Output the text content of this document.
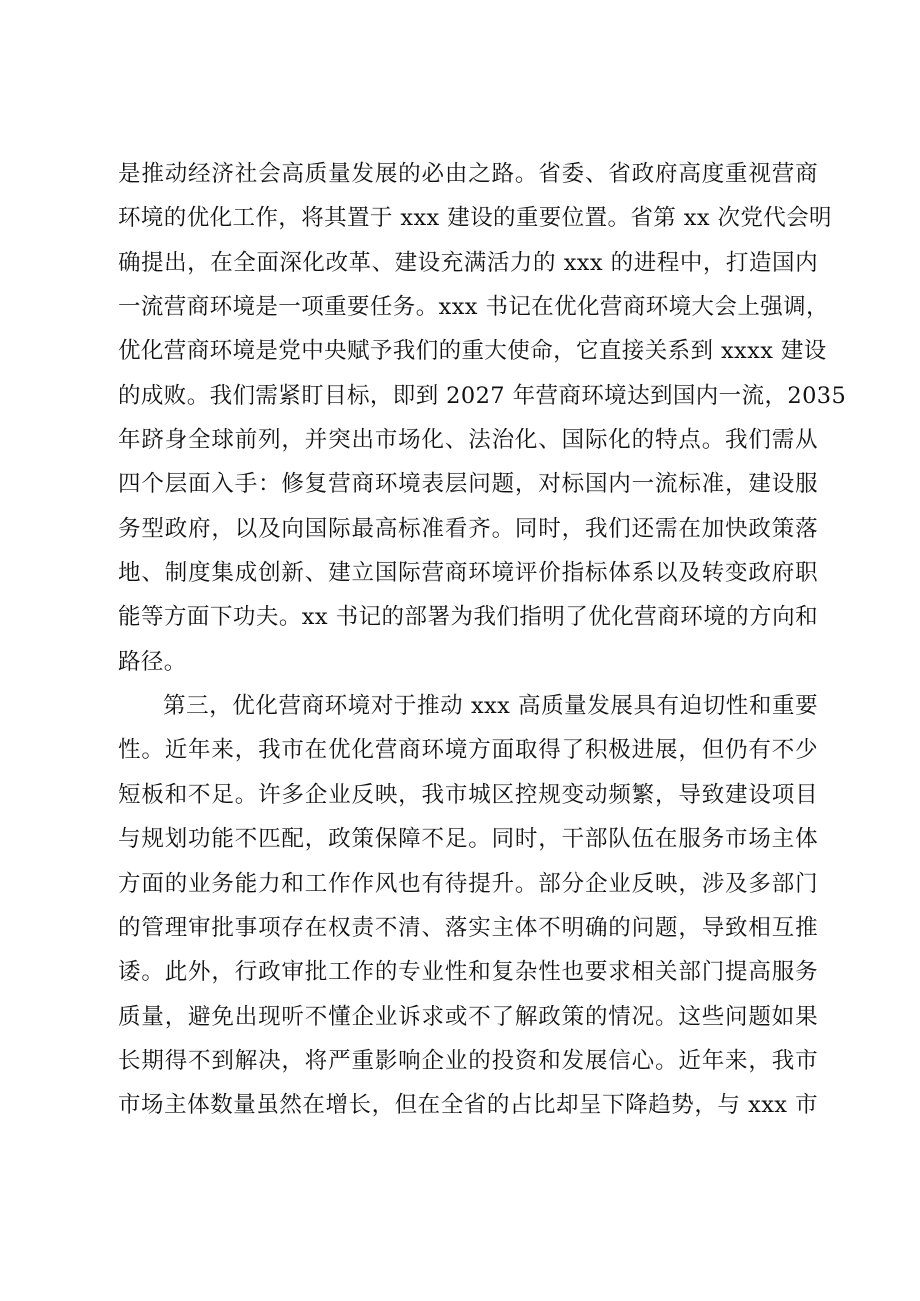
是推动经济社会高质量发展的必由之路。省委、省政府高度重视营商
环境的优化工作，将其置于 xxx 建设的重要位置。省第 xx 次党代会明
确提出，在全面深化改革、建设充满活力的 xxx 的进程中，打造国内
一流营商环境是一项重要任务。xxx 书记在优化营商环境大会上强调，
优化营商环境是党中央赋予我们的重大使命，它直接关系到 xxxx 建设
的成败。我们需紧盯目标，即到 2027 年营商环境达到国内一流，2035
年跻身全球前列，并突出市场化、法治化、国际化的特点。我们需从
四个层面入手：修复营商环境表层问题，对标国内一流标准，建设服
务型政府，以及向国际最高标准看齐。同时，我们还需在加快政策落
地、制度集成创新、建立国际营商环境评价指标体系以及转变政府职
能等方面下功夫。xx 书记的部署为我们指明了优化营商环境的方向和
路径。
第三，优化营商环境对于推动 xxx 高质量发展具有迫切性和重要
性。近年来，我市在优化营商环境方面取得了积极进展，但仍有不少
短板和不足。许多企业反映，我市城区控规变动频繁，导致建设项目
与规划功能不匹配，政策保障不足。同时，干部队伍在服务市场主体
方面的业务能力和工作作风也有待提升。部分企业反映，涉及多部门
的管理审批事项存在权责不清、落实主体不明确的问题，导致相互推
诿。此外，行政审批工作的专业性和复杂性也要求相关部门提高服务
质量，避免出现听不懂企业诉求或不了解政策的情况。这些问题如果
长期得不到解决，将严重影响企业的投资和发展信心。近年来，我市
市场主体数量虽然在增长，但在全省的占比却呈下降趋势，与 xxx 市
